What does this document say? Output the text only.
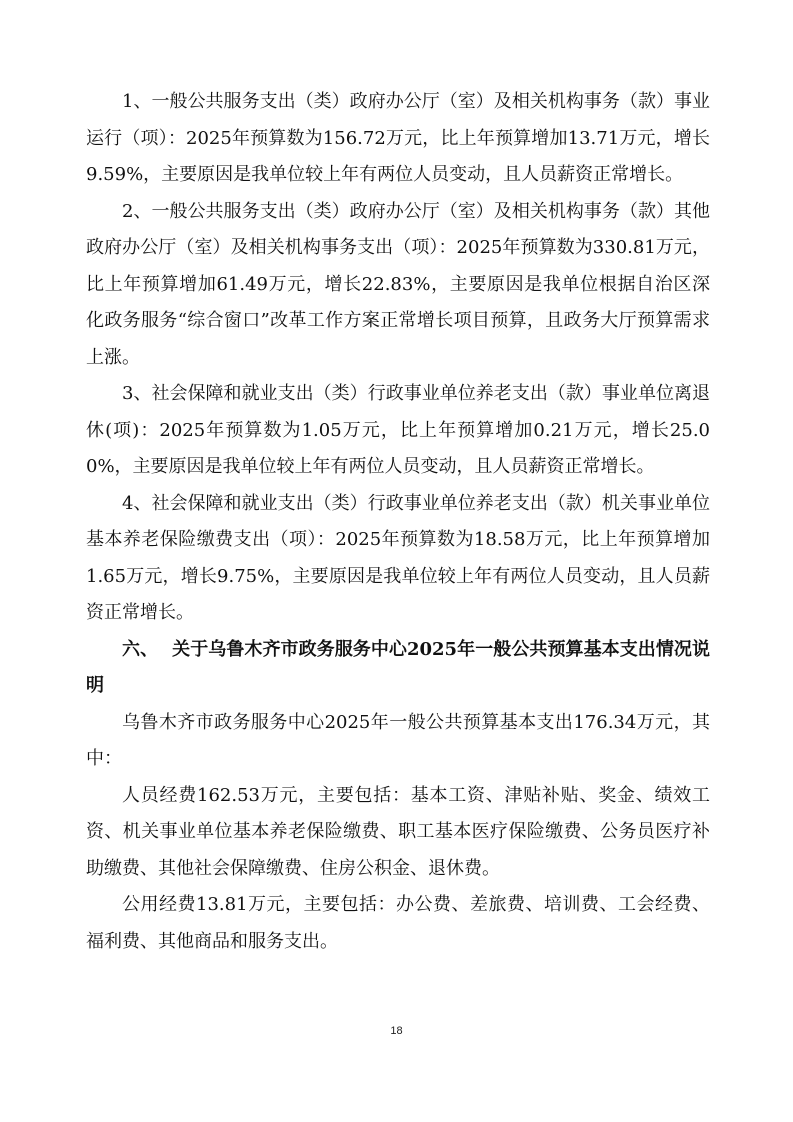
1、一般公共服务支出（类）政府办公厅（室）及相关机构事务（款）事业运行（项）：2025年预算数为156.72万元，比上年预算增加13.71万元，增长9.59%，主要原因是我单位较上年有两位人员变动，且人员薪资正常增长。

2、一般公共服务支出（类）政府办公厅（室）及相关机构事务（款）其他政府办公厅（室）及相关机构事务支出（项）：2025年预算数为330.81万元，比上年预算增加61.49万元，增长22.83%，主要原因是我单位根据自治区深化政务服务“综合窗口”改革工作方案正常增长项目预算，且政务大厅预算需求上涨。

3、社会保障和就业支出（类）行政事业单位养老支出（款）事业单位离退休(项)：2025年预算数为1.05万元，比上年预算增加0.21万元，增长25.00%，主要原因是我单位较上年有两位人员变动，且人员薪资正常增长。

4、社会保障和就业支出（类）行政事业单位养老支出（款）机关事业单位基本养老保险缴费支出（项）：2025年预算数为18.58万元，比上年预算增加1.65万元，增长9.75%，主要原因是我单位较上年有两位人员变动，且人员薪资正常增长。

六、 关于乌鲁木齐市政务服务中心2025年一般公共预算基本支出情况说明

乌鲁木齐市政务服务中心2025年一般公共预算基本支出176.34万元，其中：

人员经费162.53万元，主要包括：基本工资、津贴补贴、奖金、绩效工资、机关事业单位基本养老保险缴费、职工基本医疗保险缴费、公务员医疗补助缴费、其他社会保障缴费、住房公积金、退休费。

公用经费13.81万元，主要包括：办公费、差旅费、培训费、工会经费、福利费、其他商品和服务支出。

18
